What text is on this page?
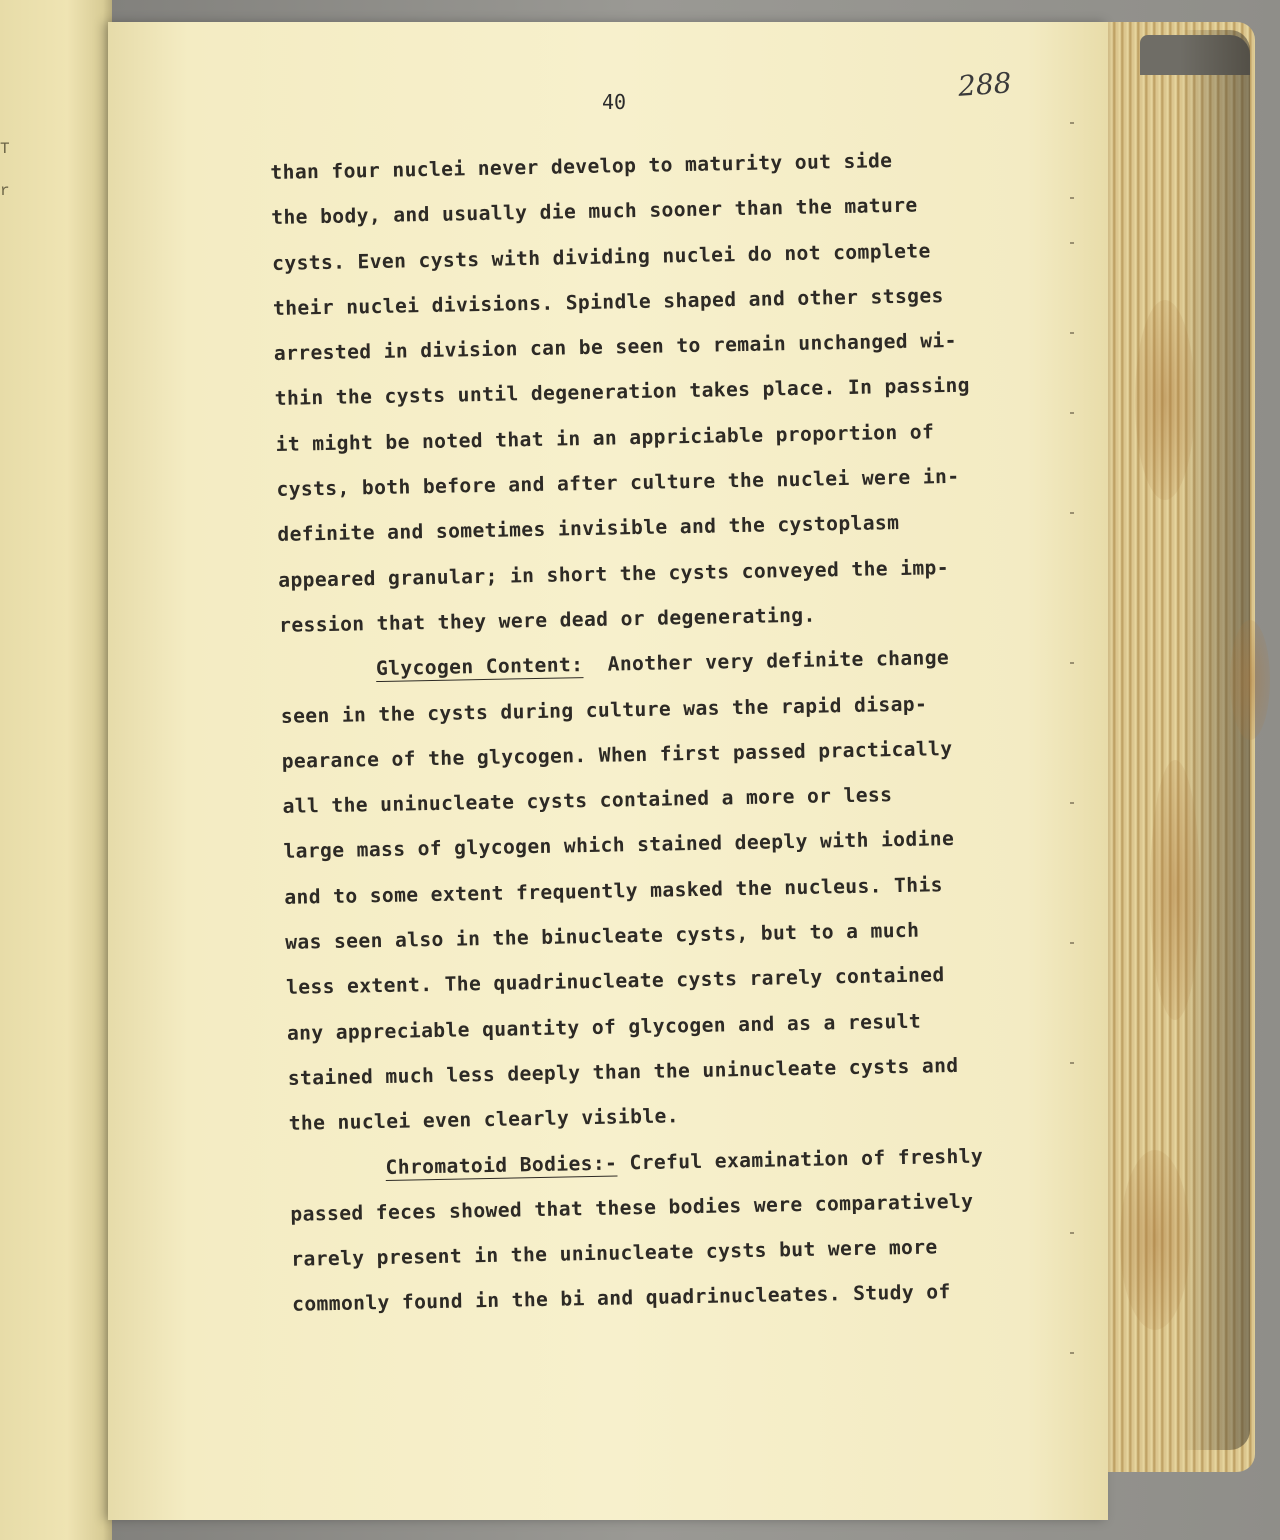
T
r
40	288
than four nuclei never develop to maturity out side
the body, and usually die much sooner than the mature
cysts. Even cysts with dividing nuclei do not complete
their nuclei divisions. Spindle shaped and other stsges
arrested in division can be seen to remain unchanged wi-
thin the cysts until degeneration takes place. In passing
it might be noted that in an appriciable proportion of
cysts, both before and after culture the nuclei were in-
definite and sometimes invisible and the cystoplasm
appeared granular; in short the cysts conveyed the imp-
ression that they were dead or degenerating.
Glycogen Content:  Another very definite change
seen in the cysts during culture was the rapid disap-
pearance of the glycogen. When first passed practically
all the uninucleate cysts contained a more or less
large mass of glycogen which stained deeply with iodine
and to some extent frequently masked the nucleus. This
was seen also in the binucleate cysts, but to a much
less extent. The quadrinucleate cysts rarely contained
any appreciable quantity of glycogen and as a result
stained much less deeply than the uninucleate cysts and
the nuclei even clearly visible.
Chromatoid Bodies:- Creful examination of freshly
passed feces showed that these bodies were comparatively
rarely present in the uninucleate cysts but were more
commonly found in the bi and quadrinucleates. Study of
